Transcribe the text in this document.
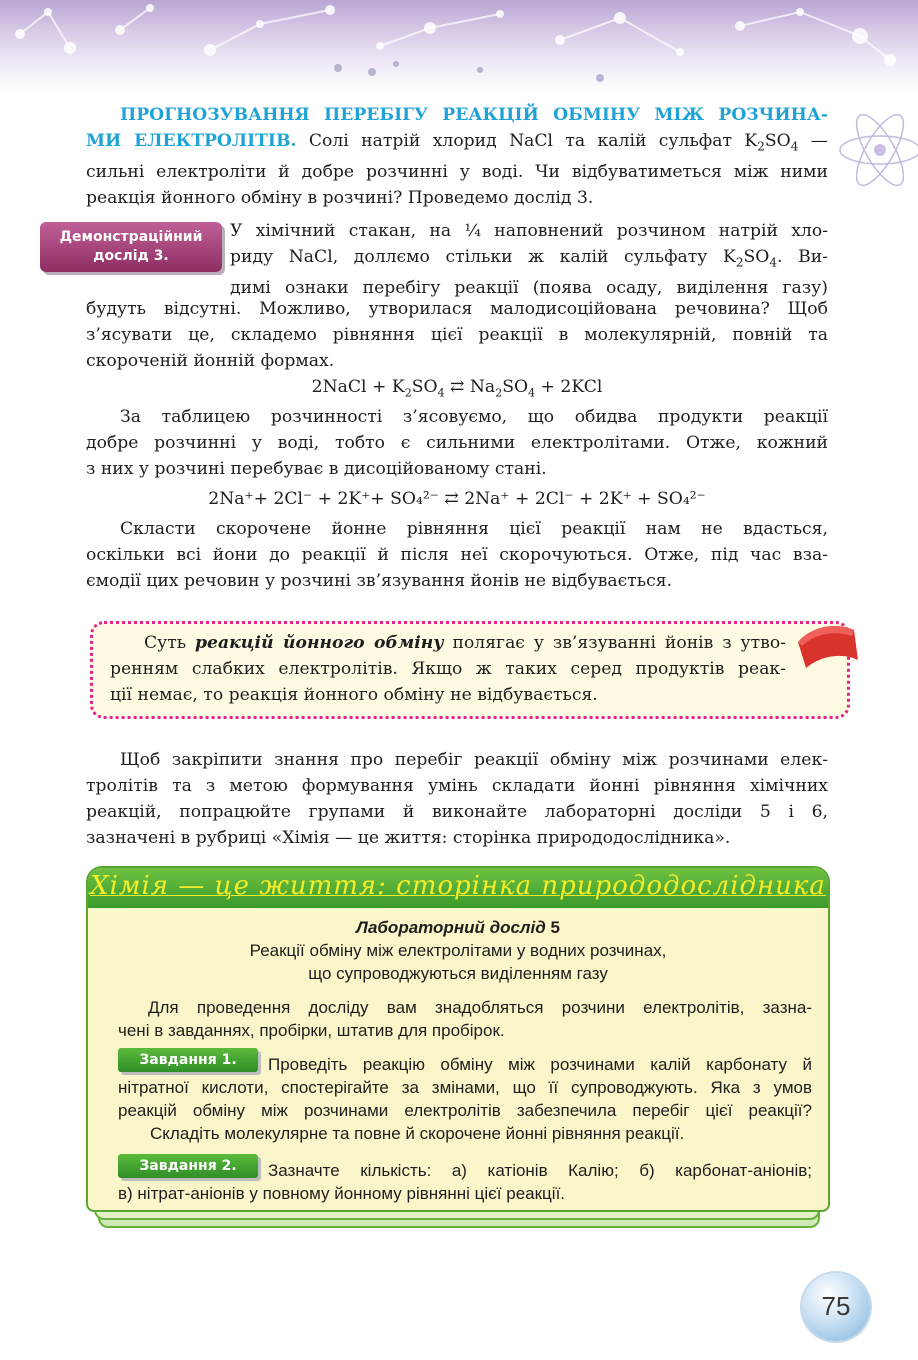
ПРОГНОЗУВАННЯ ПЕРЕБІГУ РЕАКЦІЙ ОБМІНУ МІЖ РОЗЧИНА-
МИ ЕЛЕКТРОЛІТІВ. Солі натрій хлорид NaCl та калій сульфат $K_2SO_4$ —
сильні електроліти й добре розчинні у воді. Чи відбуватиметься між ними
реакція йонного обміну в розчині? Проведемо дослід 3.
Демонстраційний
дослід 3.
У хімічний стакан, на ¼ наповнений розчином натрій хло-
риду NaCl, доллємо стільки ж калій сульфату $K_2SO_4$. Ви-
димі ознаки перебігу реакції (поява осаду, виділення газу)
будуть відсутні. Можливо, утворилася малодисоційована речовина? Щоб
з’ясувати це, складемо рівняння цієї реакції в молекулярній, повній та
скороченій йонній формах.
2NaCl + $K_2SO_4$ ⇄ $Na_2SO_4 + 2KCl$
За таблицею розчинності з’ясовуємо, що обидва продукти реакції
добре розчинні у воді, тобто є сильними електролітами. Отже, кожний
з них у розчині перебуває в дисоційованому стані.
2Na⁺+ 2Cl⁻ + 2K⁺+ SO₄²⁻ ⇄ 2Na⁺ + 2Cl⁻ + 2K⁺ + SO₄²⁻
Скласти скорочене йонне рівняння цієї реакції нам не вдасться,
оскільки всі йони до реакції й після неї скорочуються. Отже, під час вза-
ємодії цих речовин у розчині зв’язування йонів не відбувається.
Суть реакцій йонного обміну полягає у зв’язуванні йонів з утво-
ренням слабких електролітів. Якщо ж таких серед продуктів реак-
ції немає, то реакція йонного обміну не відбувається.
Щоб закріпити знання про перебіг реакції обміну між розчинами елек-
тролітів та з метою формування умінь складати йонні рівняння хімічних
реакцій, попрацюйте групами й виконайте лабораторні досліди 5 і 6,
зазначені в рубриці «Хімія — це життя: сторінка природодослідника».
Хімія — це життя: сторінка природодослідника
Лабораторний дослід 5
Реакції обміну між електролітами у водних розчинах,
що супроводжуються виділенням газу
Для проведення досліду вам знадобляться розчини електролітів, зазна-
чені в завданнях, пробірки, штатив для пробірок.
Завдання 1.	Проведіть реакцію обміну між розчинами калій карбонату й
нітратної кислоти, спостерігайте за змінами, що її супроводжують. Яка з умов
реакцій обміну між розчинами електролітів забезпечила перебіг цієї реакції?
Складіть молекулярне та повне й скорочене йонні рівняння реакції.
Завдання 2.	Зазначте кількість: а) катіонів Калію; б) карбонат-аніонів;
в) нітрат-аніонів у повному йонному рівнянні цієї реакції.
75
